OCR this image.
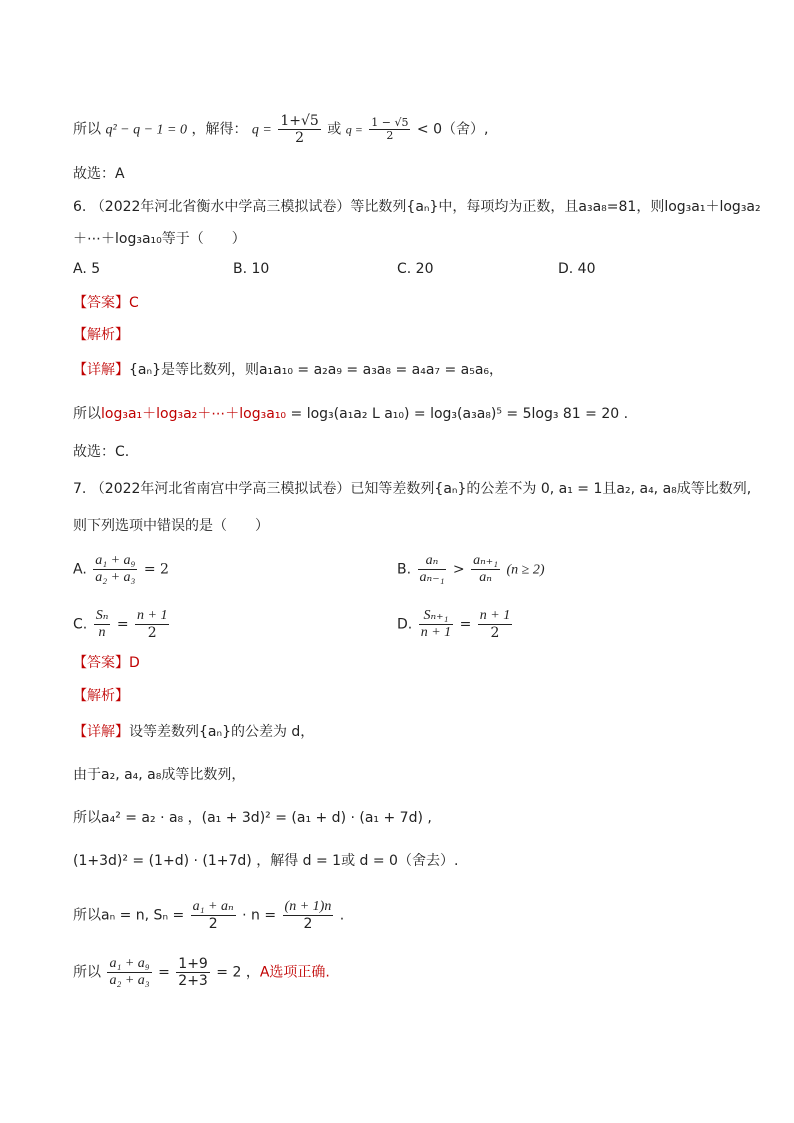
所以 q² − q − 1 = 0 ，解得： $q = \frac{1+√5}{2}$ 或 $q = \frac{1 - √5}{2} < 0$（舍）,
故选：A
6. （2022年河北省衡水中学高三模拟试卷）等比数列{aₙ}中，每项均为正数，且a₃a₈=81，则log₃a₁＋log₃a₂
＋⋯＋log₃a₁₀等于（　　）
A. 5	B. 10	C. 20	D. 40
【答案】C
【解析】
【详解】{aₙ}是等比数列，则a₁a₁₀ = a₂a₉ = a₃a₈ = a₄a₇ = a₅a₆，
所以log₃a₁＋log₃a₂＋⋯＋log₃a₁₀ = log₃(a₁a₂ L a₁₀) = log₃(a₃a₈)⁵ = 5log₃ 81 = 20 .
故选：C.
7. （2022年河北省南宫中学高三模拟试卷）已知等差数列{aₙ}的公差不为 0, a₁ = 1且a₂, a₄, a₈成等比数列,
则下列选项中错误的是（　　）
A. $\frac{\text{a₁ + a₉}}{\text{a₂ + a₃}} = 2$	B. $\frac{\text{aₙ}}{\text{aₙ₋₁}} > \frac{\text{aₙ₊₁}}{\text{aₙ}} (n \ge 2)$
C. $\frac{\text{Sₙ}}{n} = \frac{n + 1}{2}$	D. $\frac{\text{Sₙ₊₁}}{n + 1} = \frac{n + 1}{2}$
【答案】D
【解析】
【详解】设等差数列{aₙ}的公差为 d，
由于a₂, a₄, a₈成等比数列，
所以a₄² = a₂ · a₈ ，(a₁ + 3d)² = (a₁ + d) · (a₁ + 7d) ,
(1+3d)² = (1+d) · (1+7d) ，解得 d = 1或 d = 0（舍去）.
所以aₙ = n, $S_n = \frac{\text{a₁ + aₙ}}{2} \cdot n = \frac{(n + 1)n}{2}$ .
所以 $\frac{\text{a₁ + a₉}}{\text{a₂ + a₃}} = \frac{1+9}{2+3} = 2$ ，A选项正确.
